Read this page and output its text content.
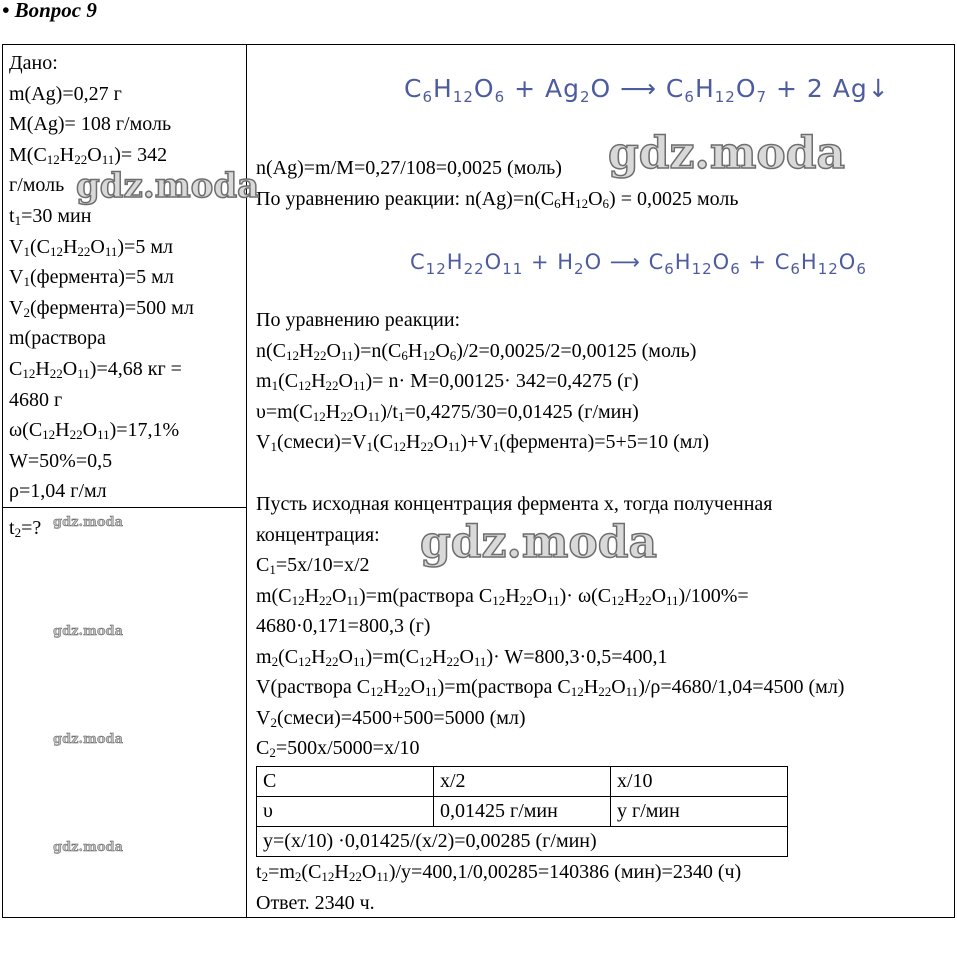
• Вопрос 9
Дано:
m(Ag)=0,27 г
M(Ag)= 108 г/моль
$M(C_{12}H_{22}O_{11})= 342$
г/моль
$t_1=30$ мин
$V_1(C_{12}H_{22}O_{11})=5$ мл
$V_1(фермента)=5$ мл
$V_2(фермента)=500$ мл
m(раствора
$C_{12}H_{22}O_{11})=4,68$ кг =
4680 г
$\omega(C_{12}H_{22}O_{11})=17,1\%$
W=50%=0,5
ρ=1,04 г/мл
$t_2=$?
$C_6H_{12}O_6 + Ag_2O$ ⟶ $C_6H_{12}O_7 + 2$ Ag↓
$C_{12}H_{22}O_{11} + H_2O$ ⟶ $C_6H_{12}O_6 + C_6H_{12}O_6$
n(Ag)=m/M=0,27/108=0,0025 (моль)
По уравнению реакции: $n(Ag)=n(C_6H_{12}O_6) = 0,0025$ моль
По уравнению реакции:
$n(C_{12}H_{22}O_{11})=n(C_6H_{12}O_6)/2=0,0025/2=0,00125$ (моль)
$m_1(C_{12}H_{22}O_{11})= n\cdot M=0,00125\cdot 342=0,4275$ (г)
$\upsilon=m(C_{12}H_{22}O_{11})/t_1=0,4275/30=0,01425$ (г/мин)
$V_1(смеси)=V_1(C_{12}H_{22}O_{11})+V_1(фермента)=5+5=10$ (мл)
Пусть исходная концентрация фермента x, тогда полученная
концентрация:
$C_1=5x/10=x/2$
$m(C_{12}H_{22}O_{11})=m(раствора$ $C_{12}H_{22}O_{11})\cdot \omega(C_{12}H_{22}O_{11})/100\%=$
4680·0,171=800,3 (г)
$m_2(C_{12}H_{22}O_{11})=m(C_{12}H_{22}O_{11})\cdot W=800,3\cdot 0,5=400,1$
V(раствора $C_{12}H_{22}O_{11})=m(раствора$ $C_{12}H_{22}O_{11})/\rho=4680/1,04=4500$ (мл)
$V_2(смеси)=4500+500=5000$ (мл)
$C_2=500x/5000=x/10$
C	x/2	x/10
υ	0,01425 г/мин	y г/мин
y=(x/10) ·0,01425/(x/2)=0,00285 (г/мин)		
$t_2=m_2(C_{12}H_{22}O_{11})/y=400,1/0,00285=140386$ (мин)=2340 (ч)
Ответ. 2340 ч.
gdz.moda
gdz.moda
gdz.moda
gdz.moda
gdz.moda
gdz.moda
gdz.moda
